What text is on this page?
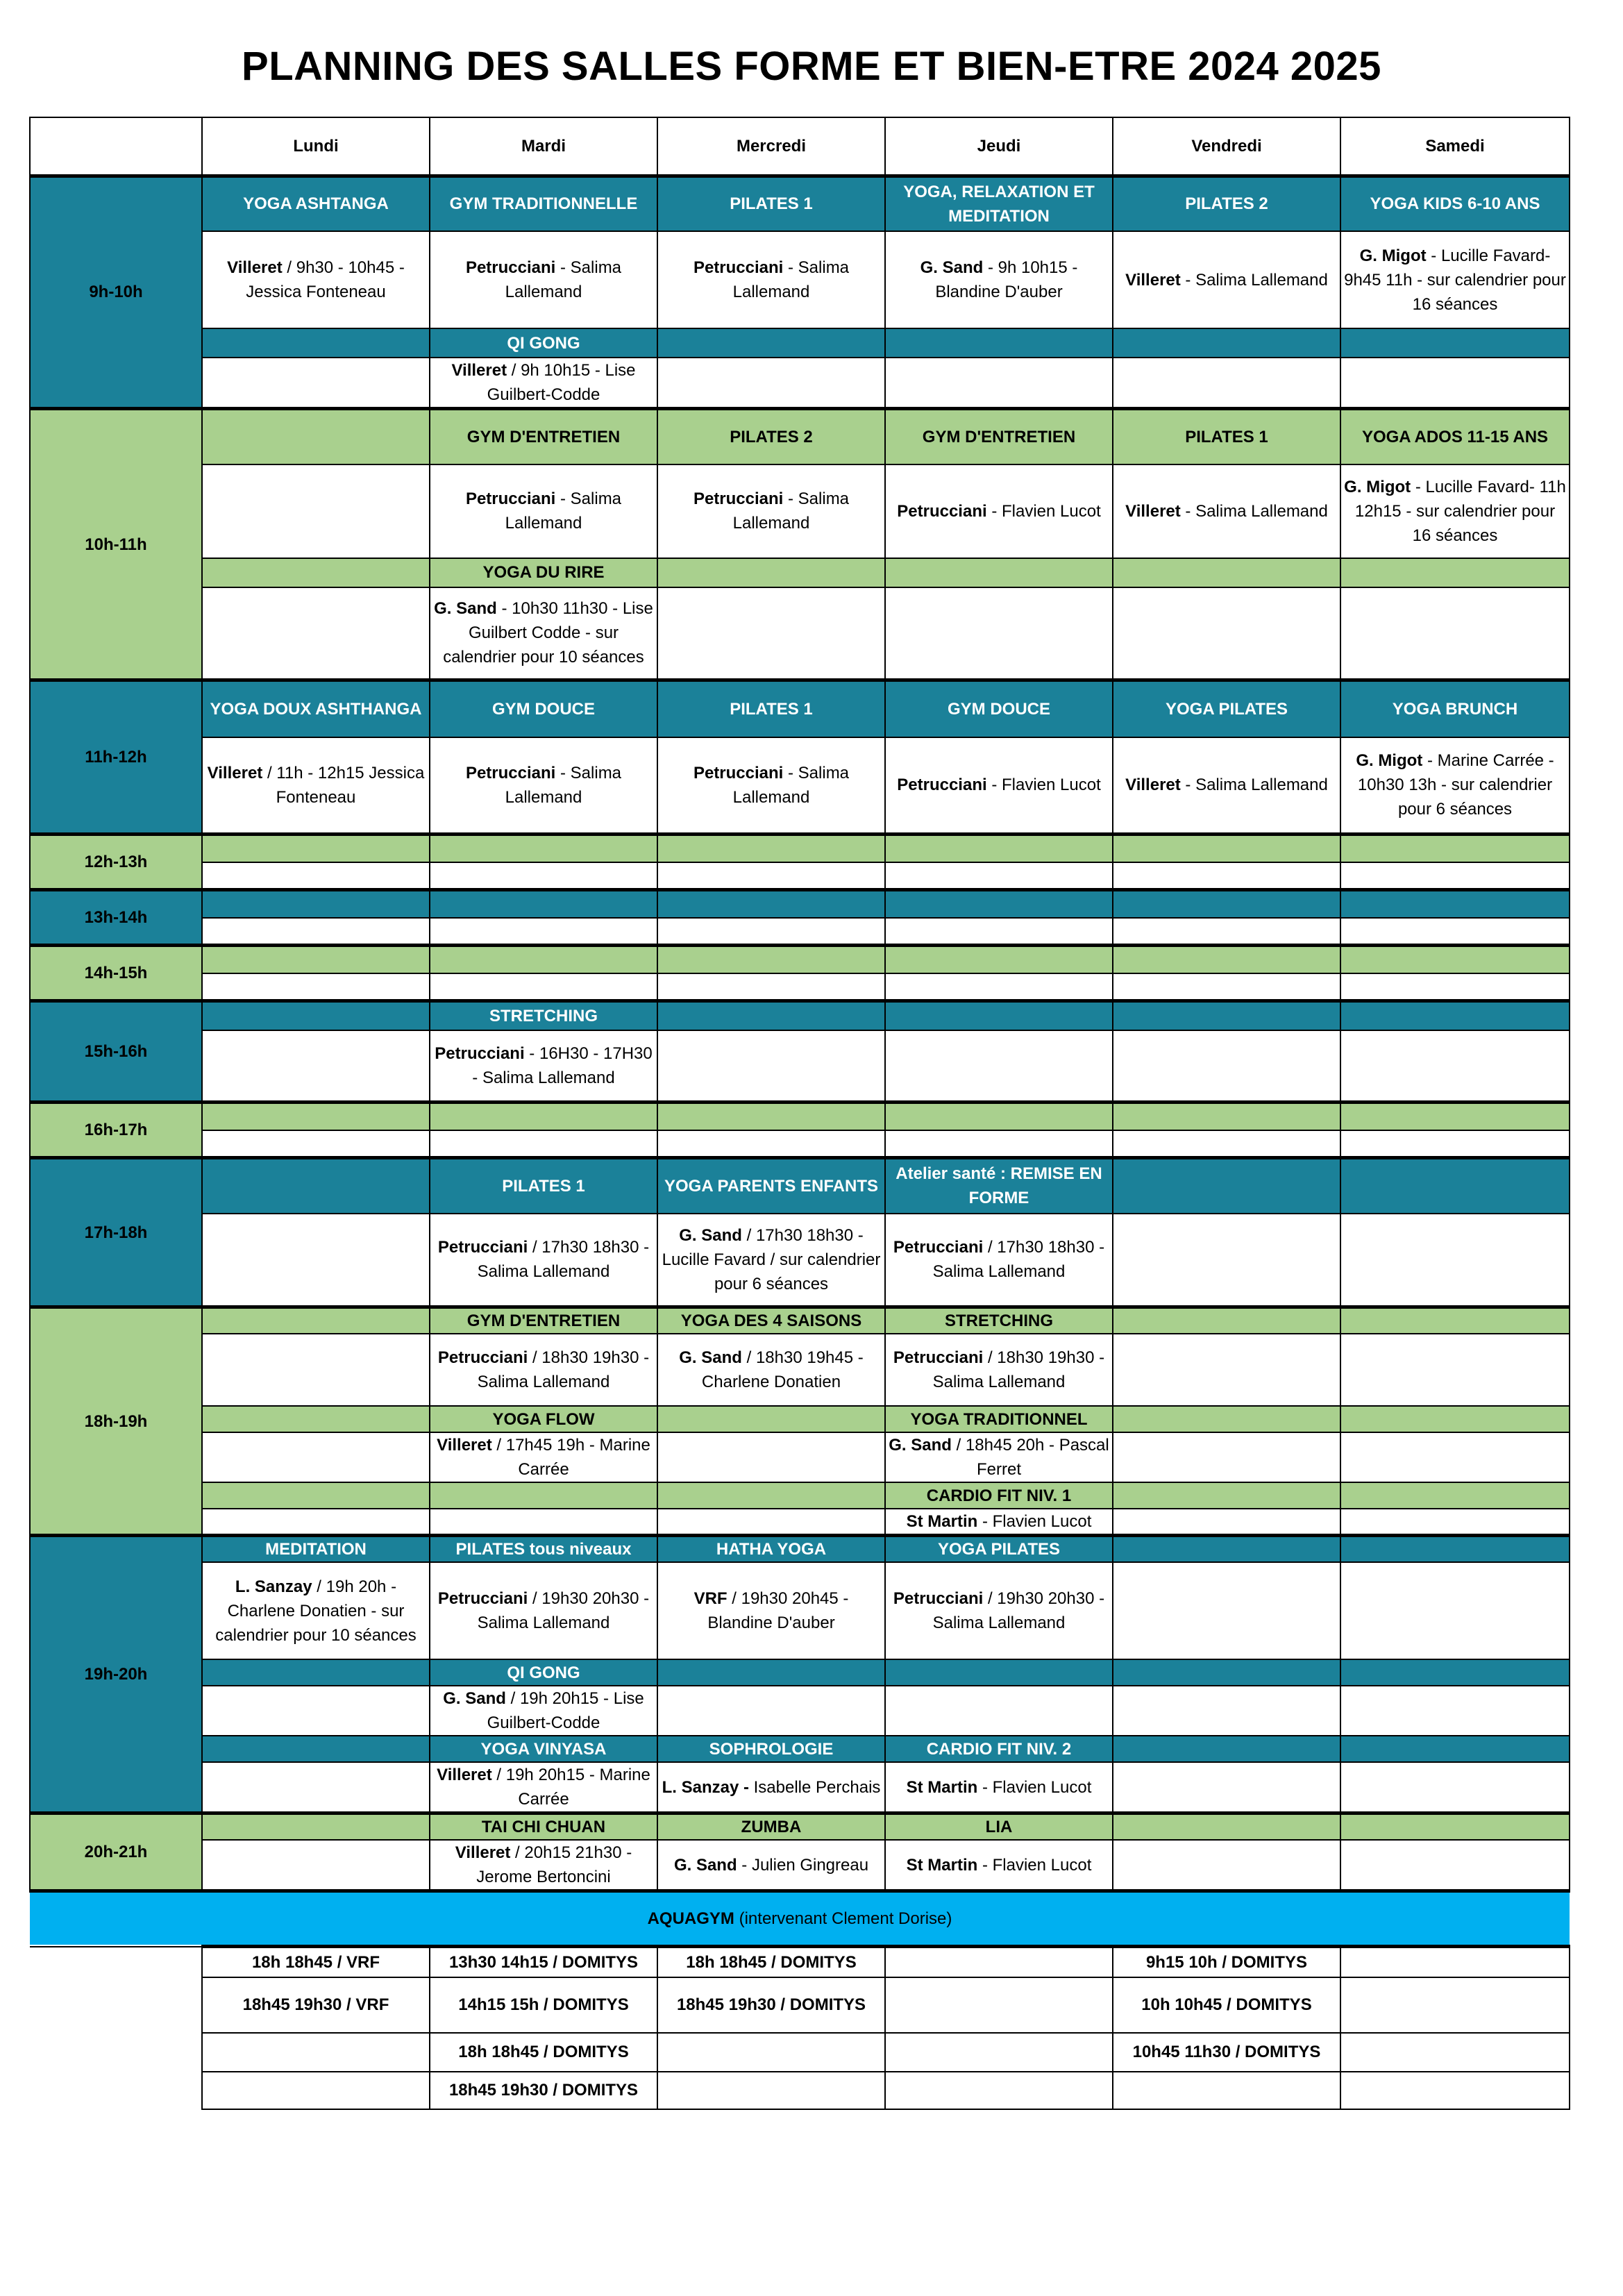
PLANNING DES SALLES FORME ET BIEN-ETRE 2024 2025
	Lundi	Mardi	Mercredi	Jeudi	Vendredi	Samedi
9h-10h	YOGA ASHTANGA	GYM TRADITIONNELLE	PILATES 1	YOGA, RELAXATION ET MEDITATION	PILATES 2	YOGA KIDS 6-10 ANS
	Villeret / 9h30 - 10h45 - Jessica Fonteneau	Petrucciani - Salima Lallemand	Petrucciani - Salima Lallemand	G. Sand - 9h 10h15 - Blandine D'auber	Villeret - Salima Lallemand	G. Migot - Lucille Favard- 9h45 11h - sur calendrier pour 16 séances
		QI GONG				
		Villeret / 9h 10h15 - Lise Guilbert-Codde				
10h-11h		GYM D'ENTRETIEN	PILATES 2	GYM D'ENTRETIEN	PILATES 1	YOGA ADOS 11-15 ANS
		Petrucciani - Salima Lallemand	Petrucciani - Salima Lallemand	Petrucciani - Flavien Lucot	Villeret - Salima Lallemand	G. Migot - Lucille Favard- 11h 12h15 - sur calendrier pour 16 séances
		YOGA DU RIRE				
		G. Sand - 10h30 11h30 - Lise Guilbert Codde - sur calendrier pour 10 séances				
11h-12h	YOGA DOUX ASHTHANGA	GYM DOUCE	PILATES 1	GYM DOUCE	YOGA PILATES	YOGA BRUNCH
	Villeret / 11h - 12h15 Jessica Fonteneau	Petrucciani - Salima Lallemand	Petrucciani - Salima Lallemand	Petrucciani - Flavien Lucot	Villeret - Salima Lallemand	G. Migot - Marine Carrée - 10h30 13h - sur calendrier pour 6 séances
12h-13h						

13h-14h						

14h-15h						

15h-16h		STRETCHING				
		Petrucciani - 16H30 - 17H30 - Salima Lallemand				
16h-17h						

17h-18h		PILATES 1	YOGA PARENTS ENFANTS	Atelier santé : REMISE EN FORME		
		Petrucciani / 17h30 18h30 - Salima Lallemand	G. Sand / 17h30 18h30 - Lucille Favard / sur calendrier pour 6 séances	Petrucciani / 17h30 18h30 - Salima Lallemand		
18h-19h		GYM D'ENTRETIEN	YOGA DES 4 SAISONS	STRETCHING		
		Petrucciani / 18h30 19h30 - Salima Lallemand	G. Sand / 18h30 19h45 - Charlene Donatien	Petrucciani / 18h30 19h30 - Salima Lallemand		
		YOGA FLOW		YOGA TRADITIONNEL		
		Villeret / 17h45 19h - Marine Carrée		G. Sand / 18h45 20h - Pascal Ferret		
				CARDIO FIT NIV. 1		
				St Martin - Flavien Lucot		
19h-20h	MEDITATION	PILATES tous niveaux	HATHA YOGA	YOGA PILATES		
	L. Sanzay / 19h 20h - Charlene Donatien - sur calendrier pour 10 séances	Petrucciani / 19h30 20h30 - Salima Lallemand	VRF / 19h30 20h45 - Blandine D'auber	Petrucciani / 19h30 20h30 - Salima Lallemand		
		QI GONG				
		G. Sand / 19h 20h15 - Lise Guilbert-Codde				
		YOGA VINYASA	SOPHROLOGIE	CARDIO FIT NIV. 2		
		Villeret / 19h 20h15 - Marine Carrée	L. Sanzay - Isabelle Perchais	St Martin - Flavien Lucot		
20h-21h		TAI CHI CHUAN	ZUMBA	LIA		
		Villeret / 20h15 21h30 - Jerome Bertoncini	G. Sand - Julien Gingreau	St Martin - Flavien Lucot		
AQUAGYM (intervenant Clement Dorise)						
	18h 18h45 / VRF	13h30 14h15 / DOMITYS	18h 18h45 / DOMITYS		9h15 10h / DOMITYS	
	18h45 19h30 / VRF	14h15 15h / DOMITYS	18h45 19h30 / DOMITYS		10h 10h45 / DOMITYS	
		18h 18h45 / DOMITYS			10h45 11h30 / DOMITYS	
		18h45 19h30 / DOMITYS				
